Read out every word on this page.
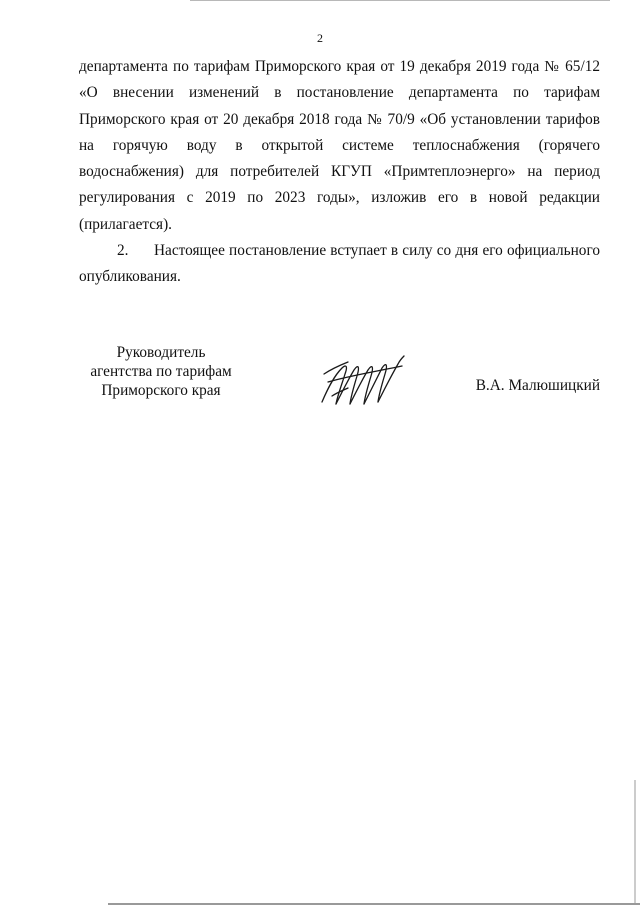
2

департамента по тарифам Приморского края от 19 декабря 2019 года № 65/12 «О внесении изменений в постановление департамента по тарифам Приморского края от 20 декабря 2018 года № 70/9 «Об установлении тарифов на горячую воду в открытой системе теплоснабжения (горячего водоснабжения) для потребителей КГУП «Примтеплоэнерго» на период регулирования с 2019 по 2023 годы», изложив его в новой редакции (прилагается).

2. Настоящее постановление вступает в силу со дня его официального опубликования.

Руководитель
агентства по тарифам
Приморского края	В.А. Малюшицкий
